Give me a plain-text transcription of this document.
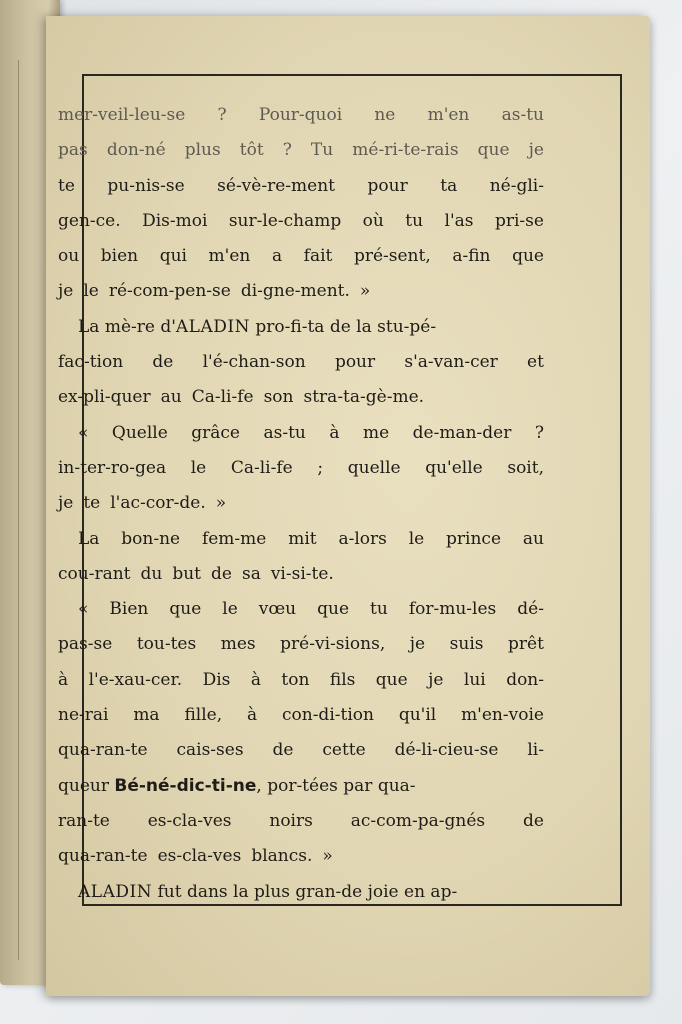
mer-veil-leu-se ? Pour-quoi ne m'en as-tu
pas don-né plus tôt ? Tu mé-ri-te-rais que je
te pu-nis-se sé-vè-re-ment pour ta né-gli-
gen-ce. Dis-moi sur-le-champ où tu l'as pri-se
ou bien qui m'en a fait pré-sent, a-fin que
je le ré-com-pen-se di-gne-ment. »
La mè-re d'ALADIN pro-fi-ta de la stu-pé-
fac-tion de l'é-chan-son pour s'a-van-cer et
ex-pli-quer au Ca-li-fe son stra-ta-gè-me.
« Quelle grâce as-tu à me de-man-der ?
in-ter-ro-gea le Ca-li-fe ; quelle qu'elle soit,
je te l'ac-cor-de. »
La bon-ne fem-me mit a-lors le prince au
cou-rant du but de sa vi-si-te.
« Bien que le vœu que tu for-mu-les dé-
pas-se tou-tes mes pré-vi-sions, je suis prêt
à l'e-xau-cer. Dis à ton fils que je lui don-
ne-rai ma fille, à con-di-tion qu'il m'en-voie
qua-ran-te cais-ses de cette dé-li-cieu-se li-
queur Bé-né-dic-ti-ne, por-tées par qua-
ran-te es-cla-ves noirs ac-com-pa-gnés de
qua-ran-te es-cla-ves blancs. »
ALADIN fut dans la plus gran-de joie en ap-
